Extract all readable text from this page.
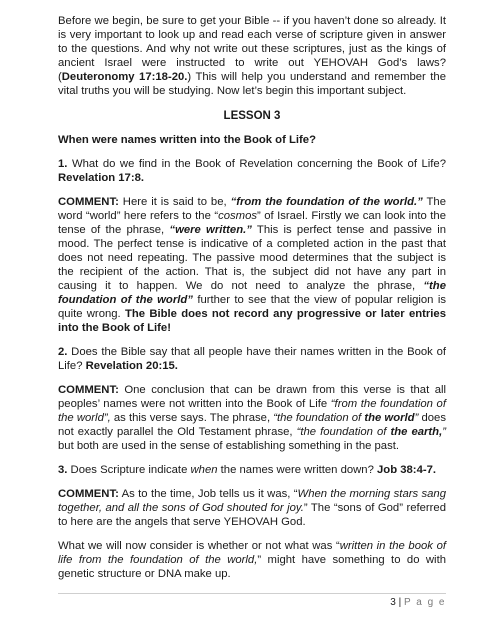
Before we begin, be sure to get your Bible -- if you haven’t done so already. It is very important to look up and read each verse of scripture given in answer to the questions. And why not write out these scriptures, just as the kings of ancient Israel were instructed to write out YEHOVAH God’s laws? (Deuteronomy 17:18-20.) This will help you understand and remember the vital truths you will be studying. Now let’s begin this important subject.

LESSON 3

When were names written into the Book of Life?

1. What do we find in the Book of Revelation concerning the Book of Life? Revelation 17:8.

COMMENT: Here it is said to be, “from the foundation of the world.” The word “world” here refers to the “cosmos” of Israel. Firstly we can look into the tense of the phrase, “were written.” This is perfect tense and passive in mood. The perfect tense is indicative of a completed action in the past that does not need repeating. The passive mood determines that the subject is the recipient of the action. That is, the subject did not have any part in causing it to happen. We do not need to analyze the phrase, “the foundation of the world” further to see that the view of popular religion is quite wrong. The Bible does not record any progressive or later entries into the Book of Life!

2. Does the Bible say that all people have their names written in the Book of Life? Revelation 20:15.

COMMENT: One conclusion that can be drawn from this verse is that all peoples’ names were not written into the Book of Life “from the foundation of the world”, as this verse says. The phrase, “the foundation of the world” does not exactly parallel the Old Testament phrase, “the foundation of the earth,” but both are used in the sense of establishing something in the past.

3. Does Scripture indicate when the names were written down? Job 38:4-7.

COMMENT: As to the time, Job tells us it was, “When the morning stars sang together, and all the sons of God shouted for joy.” The “sons of God” referred to here are the angels that serve YEHOVAH God.

What we will now consider is whether or not what was “written in the book of life from the foundation of the world,” might have something to do with genetic structure or DNA make up.

3 | P a g e
